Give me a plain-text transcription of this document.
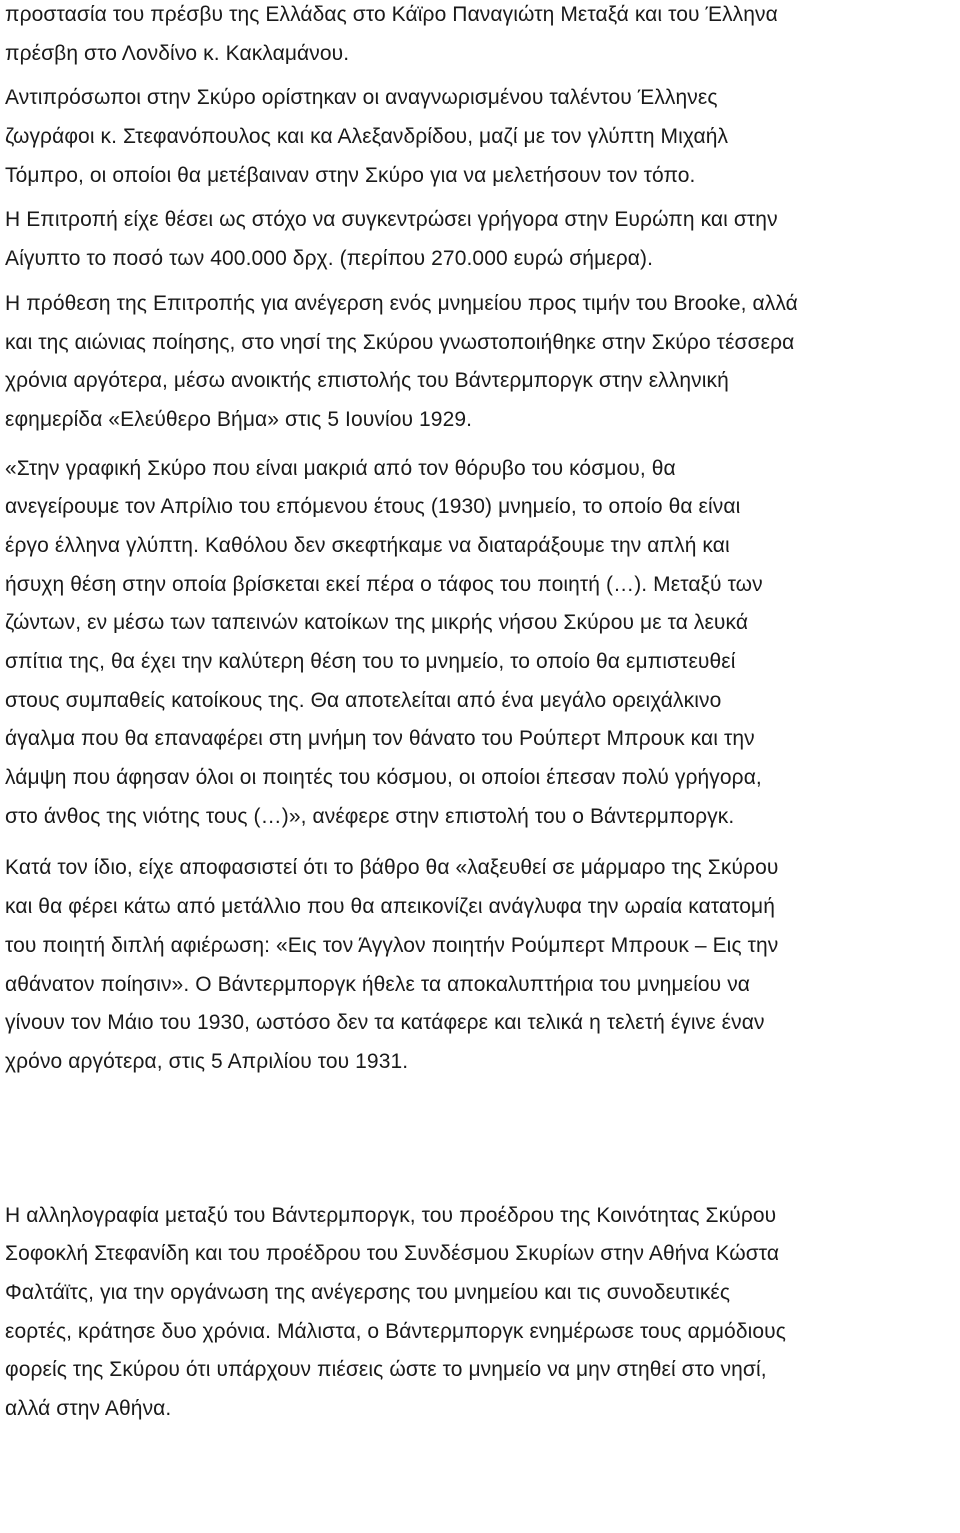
προστασία του πρέσβυ της Ελλάδας στο Κάϊρο Παναγιώτη Μεταξά και του Έλληνα
πρέσβη στο Λονδίνο κ. Κακλαμάνου.
Αντιπρόσωποι στην Σκύρο ορίστηκαν οι αναγνωρισμένου ταλέντου Έλληνες
ζωγράφοι κ. Στεφανόπουλος και κα Αλεξανδρίδου, μαζί με τον γλύπτη Μιχαήλ
Τόμπρο, οι οποίοι θα μετέβαιναν στην Σκύρο για να μελετήσουν τον τόπο.
Η Επιτροπή είχε θέσει ως στόχο να συγκεντρώσει γρήγορα στην Ευρώπη και στην
Αίγυπτο το ποσό των 400.000 δρχ. (περίπου 270.000 ευρώ σήμερα).
Η πρόθεση της Επιτροπής για ανέγερση ενός μνημείου προς τιμήν του Brooke, αλλά
και της αιώνιας ποίησης, στο νησί της Σκύρου γνωστοποιήθηκε στην Σκύρο τέσσερα
χρόνια αργότερα, μέσω ανοικτής επιστολής του Βάντερμποργκ στην ελληνική
εφημερίδα «Ελεύθερο Βήμα» στις 5 Ιουνίου 1929.
«Στην γραφική Σκύρο που είναι μακριά από τον θόρυβο του κόσμου, θα
ανεγείρουμε τον Απρίλιο του επόμενου έτους (1930) μνημείο, το οποίο θα είναι
έργο έλληνα γλύπτη. Καθόλου δεν σκεφτήκαμε να διαταράξουμε την απλή και
ήσυχη θέση στην οποία βρίσκεται εκεί πέρα ο τάφος του ποιητή (…). Μεταξύ των
ζώντων, εν μέσω των ταπεινών κατοίκων της μικρής νήσου Σκύρου με τα λευκά
σπίτια της, θα έχει την καλύτερη θέση του το μνημείο, το οποίο θα εμπιστευθεί
στους συμπαθείς κατοίκους της. Θα αποτελείται από ένα μεγάλο ορειχάλκινο
άγαλμα που θα επαναφέρει στη μνήμη τον θάνατο του Ρούπερτ Μπρουκ και την
λάμψη που άφησαν όλοι οι ποιητές του κόσμου, οι οποίοι έπεσαν πολύ γρήγορα,
στο άνθος της νιότης τους (…)», ανέφερε στην επιστολή του ο Βάντερμποργκ.
Κατά τον ίδιο, είχε αποφασιστεί ότι το βάθρο θα «λαξευθεί σε μάρμαρο της Σκύρου
και θα φέρει κάτω από μετάλλιο που θα απεικονίζει ανάγλυφα την ωραία κατατομή
του ποιητή διπλή αφιέρωση: «Εις τον Άγγλον ποιητήν Ρούμπερτ Μπρουκ – Εις την
αθάνατον ποίησιν». Ο Βάντερμποργκ ήθελε τα αποκαλυπτήρια του μνημείου να
γίνουν τον Μάιο του 1930, ωστόσο δεν τα κατάφερε και τελικά η τελετή έγινε έναν
χρόνο αργότερα, στις 5 Απριλίου του 1931.
Η αλληλογραφία μεταξύ του Βάντερμποργκ, του προέδρου της Κοινότητας Σκύρου
Σοφοκλή Στεφανίδη και του προέδρου του Συνδέσμου Σκυρίων στην Αθήνα Κώστα
Φαλτάϊτς, για την οργάνωση της ανέγερσης του μνημείου και τις συνοδευτικές
εορτές, κράτησε δυο χρόνια. Μάλιστα, ο Βάντερμποργκ ενημέρωσε τους αρμόδιους
φορείς της Σκύρου ότι υπάρχουν πιέσεις ώστε το μνημείο να μην στηθεί στο νησί,
αλλά στην Αθήνα.
